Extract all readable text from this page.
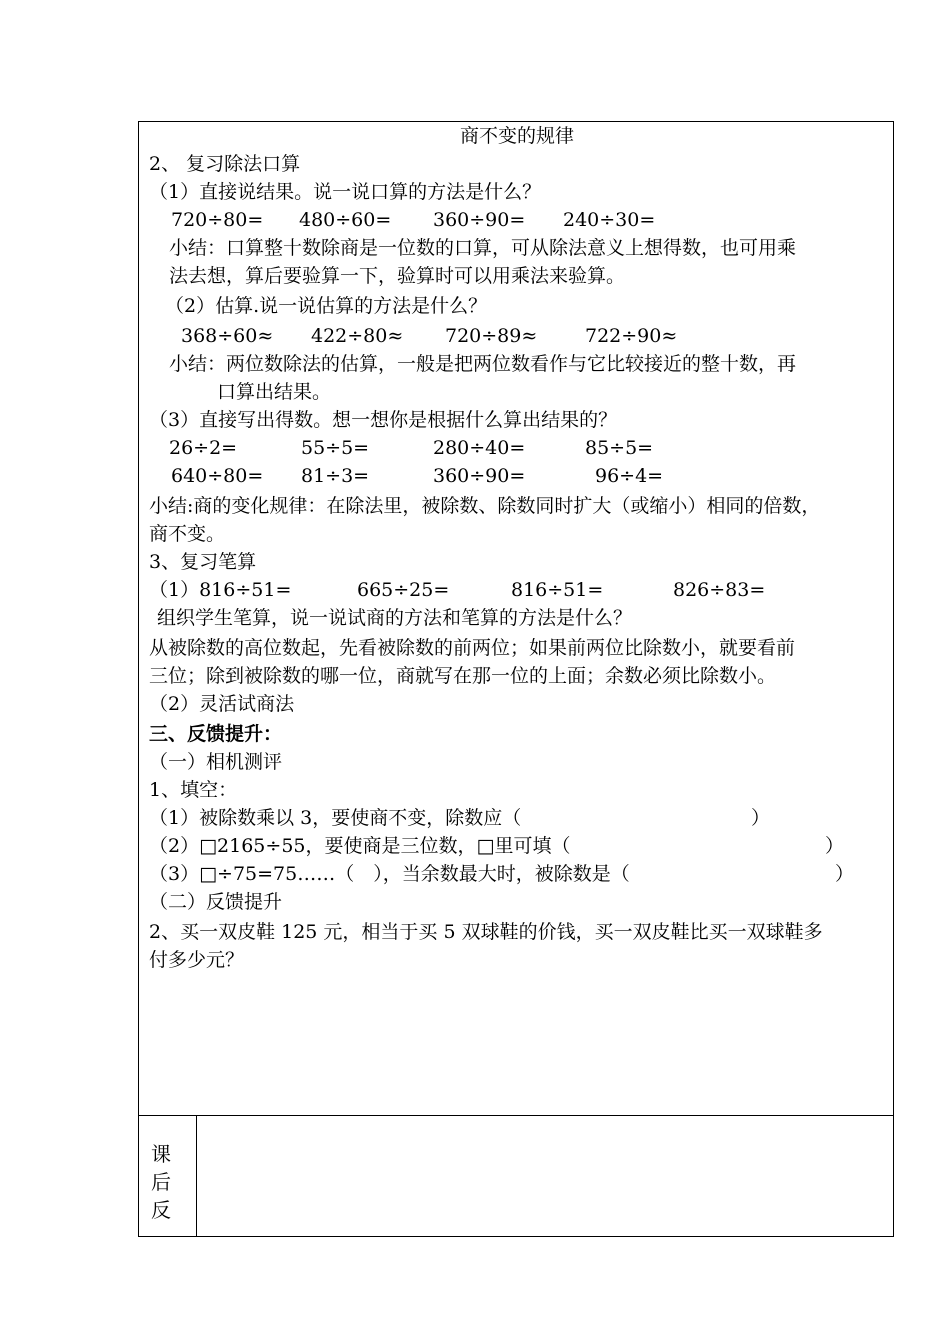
商不变的规律
2、 复习除法口算
（1）直接说结果。说一说口算的方法是什么？
720÷80= 480÷60= 360÷90= 240÷30=
小结：口算整十数除商是一位数的口算，可从除法意义上想得数，也可用乘
法去想，算后要验算一下，验算时可以用乘法来验算。
（2）估算.说一说估算的方法是什么？
368÷60≈ 422÷80≈ 720÷89≈	722÷90≈
小结：两位数除法的估算，一般是把两位数看作与它比较接近的整十数，再
口算出结果。
（3）直接写出得数。想一想你是根据什么算出结果的？
26÷2=	55÷5=	280÷40=	85÷5=
640÷80= 81÷3=	360÷90=	96÷4=
小结:商的变化规律：在除法里，被除数、除数同时扩大（或缩小）相同的倍数，
商不变。
3、复习笔算
（1）816÷51=	665÷25=	816÷51=	826÷83=
组织学生笔算，说一说试商的方法和笔算的方法是什么？
从被除数的高位数起，先看被除数的前两位；如果前两位比除数小，就要看前
三位；除到被除数的哪一位，商就写在那一位的上面；余数必须比除数小。
（2）灵活试商法
三、反馈提升：
（一）相机测评
1、填空：
（1）被除数乘以 3，要使商不变，除数应（	）
（2）□2165÷55，要使商是三位数，□里可填（	）
（3）□÷75=75……（　），当余数最大时，被除数是（	）
（二）反馈提升
2、买一双皮鞋 125 元，相当于买 5 双球鞋的价钱，买一双皮鞋比买一双球鞋多
付多少元？
课
后
反
